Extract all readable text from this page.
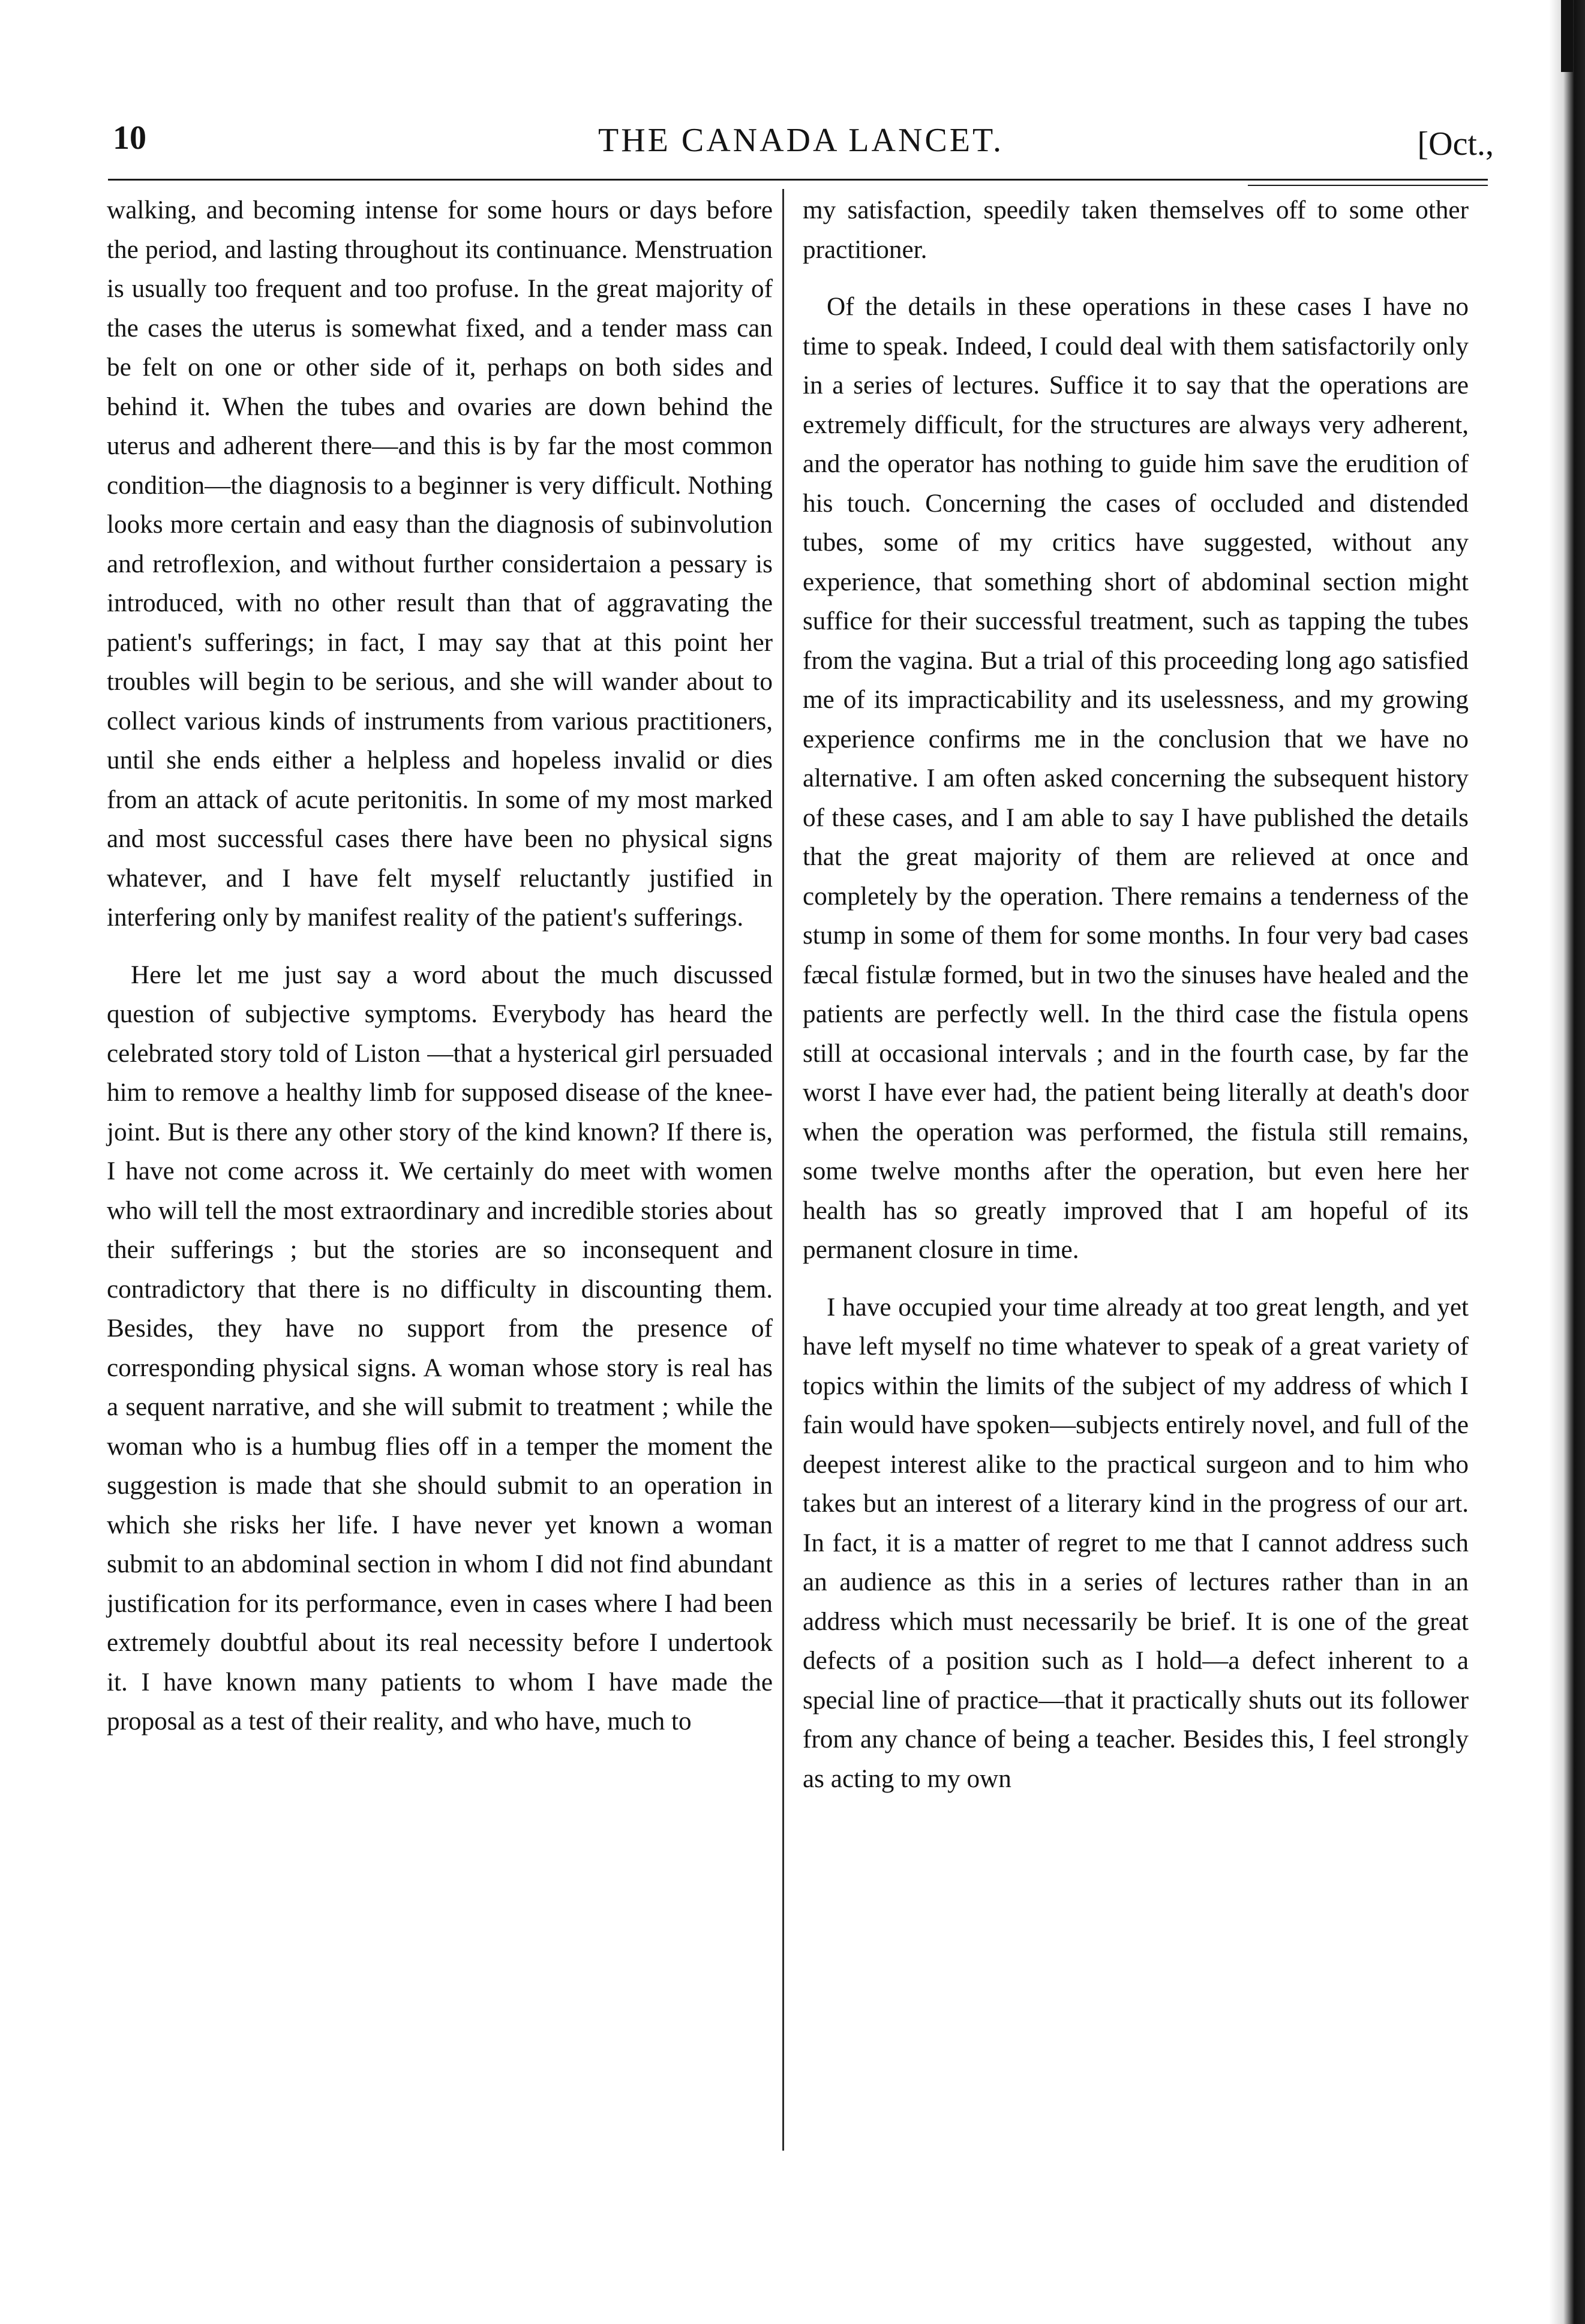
10	THE CANADA LANCET.	[Oct.,

walking, and becoming intense for some hours or days before the period, and lasting throughout its continuance. Menstruation is usually too frequent and too profuse. In the great majority of the cases the uterus is somewhat fixed, and a tender mass can be felt on one or other side of it, perhaps on both sides and behind it. When the tubes and ovaries are down behind the uterus and adherent there—and this is by far the most common condition—the diagnosis to a beginner is very difficult. Nothing looks more certain and easy than the diagnosis of subinvolution and retroflexion, and without further considertaion a pessary is introduced, with no other result than that of aggravating the patient's sufferings; in fact, I may say that at this point her troubles will begin to be serious, and she will wander about to collect various kinds of instruments from various practitioners, until she ends either a helpless and hopeless invalid or dies from an attack of acute peritonitis. In some of my most marked and most successful cases there have been no physical signs whatever, and I have felt myself reluctantly justified in interfering only by manifest reality of the patient's sufferings.

Here let me just say a word about the much discussed question of subjective symptoms. Everybody has heard the celebrated story told of Liston —that a hysterical girl persuaded him to remove a healthy limb for supposed disease of the knee-joint. But is there any other story of the kind known? If there is, I have not come across it. We certainly do meet with women who will tell the most extraordinary and incredible stories about their sufferings ; but the stories are so inconsequent and contradictory that there is no difficulty in discounting them. Besides, they have no support from the presence of corresponding physical signs. A woman whose story is real has a sequent narrative, and she will submit to treatment ; while the woman who is a humbug flies off in a temper the moment the suggestion is made that she should submit to an operation in which she risks her life. I have never yet known a woman submit to an abdominal section in whom I did not find abundant justification for its performance, even in cases where I had been extremely doubtful about its real necessity before I undertook it. I have known many patients to whom I have made the proposal as a test of their reality, and who have, much to

my satisfaction, speedily taken themselves off to some other practitioner.

Of the details in these operations in these cases I have no time to speak. Indeed, I could deal with them satisfactorily only in a series of lectures. Suffice it to say that the operations are extremely difficult, for the structures are always very adherent, and the operator has nothing to guide him save the erudition of his touch. Concerning the cases of occluded and distended tubes, some of my critics have suggested, without any experience, that something short of abdominal section might suffice for their successful treatment, such as tapping the tubes from the vagina. But a trial of this proceeding long ago satisfied me of its impracticability and its uselessness, and my growing experience confirms me in the conclusion that we have no alternative. I am often asked concerning the subsequent history of these cases, and I am able to say I have published the details that the great majority of them are relieved at once and completely by the operation. There remains a tenderness of the stump in some of them for some months. In four very bad cases fæcal fistulæ formed, but in two the sinuses have healed and the patients are perfectly well. In the third case the fistula opens still at occasional intervals ; and in the fourth case, by far the worst I have ever had, the patient being literally at death's door when the operation was performed, the fistula still remains, some twelve months after the operation, but even here her health has so greatly improved that I am hopeful of its permanent closure in time.

I have occupied your time already at too great length, and yet have left myself no time whatever to speak of a great variety of topics within the limits of the subject of my address of which I fain would have spoken—subjects entirely novel, and full of the deepest interest alike to the practical surgeon and to him who takes but an interest of a literary kind in the progress of our art. In fact, it is a matter of regret to me that I cannot address such an audience as this in a series of lectures rather than in an address which must necessarily be brief. It is one of the great defects of a position such as I hold—a defect inherent to a special line of practice—that it practically shuts out its follower from any chance of being a teacher. Besides this, I feel strongly as acting to my own
